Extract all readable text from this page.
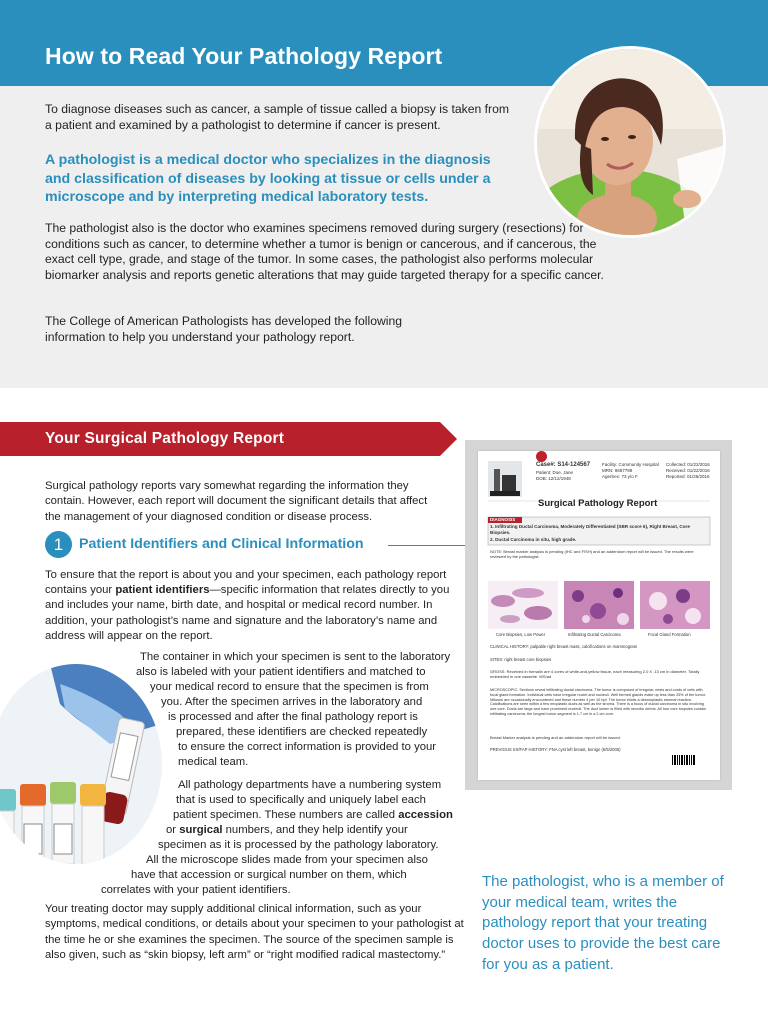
How to Read Your Pathology Report

To diagnose diseases such as cancer, a sample of tissue called a biopsy is taken from a patient and examined by a pathologist to determine if cancer is present.

A pathologist is a medical doctor who specializes in the diagnosis and classification of diseases by looking at tissue or cells under a microscope and by interpreting medical laboratory tests.

The pathologist also is the doctor who examines specimens removed during surgery (resections) for conditions such as cancer, to determine whether a tumor is benign or cancerous, and if cancerous, the exact cell type, grade, and stage of the tumor. In some cases, the pathologist also performs molecular biomarker analysis and reports genetic alterations that may guide targeted therapy for a specific cancer.

The College of American Pathologists has developed the following information to help you understand your pathology report.

Your Surgical Pathology Report

Surgical pathology reports vary somewhat regarding the information they contain. However, each report will document the significant details that affect the management of your diagnosed condition or disease process.

1	Patient Identifiers and Clinical Information

To ensure that the report is about you and your specimen, each pathology report contains your patient identifiers—specific information that relates directly to you and includes your name, birth date, and hospital or medical record number. In addition, your pathologist’s name and signature and the laboratory’s name and address will appear on the report.

The container in which your specimen is sent to the laboratory
also is labeled with your patient identifiers and matched to
your medical record to ensure that the specimen is from
you. After the specimen arrives in the laboratory and
is processed and after the final pathology report is
prepared, these identifiers are checked repeatedly
to ensure the correct information is provided to your
medical team.
All pathology departments have a numbering system
that is used to specifically and uniquely label each
patient specimen. These numbers are called accession
or surgical numbers, and they help identify your
specimen as it is processed by the pathology laboratory.
All the microscope slides made from your specimen also
have that accession or surgical number on them, which
correlates with your patient identifiers.

Your treating doctor may supply additional clinical information, such as your symptoms, medical conditions, or details about your specimen to your pathologist at the time he or she examines the specimen. The source of the specimen sample is also given, such as “skin biopsy, left arm” or “right modified radical mastectomy.”

Case#: S14-124567
Patient: Doe, Jane
DOB: 12/12/1948
Facility: Community Hospital
MRN: 8687798
Age/Sex: 73 y/o F
Collected: 01/22/2016
Received: 01/22/2016
Reported: 01/26/2016
Surgical Pathology Report
DIAGNOSIS
1. Infiltrating Ductal Carcinoma, Moderately Differentiated (SBR score 6), Right Breast, Core Biopsies.
2. Ductal Carcinoma in situ, high grade.
NOTE: Breast marker analysis is pending (IHC and FISH) and an addendum report will be issued. The results were reviewed by the pathologist.
Core Biopsies, Low Power	Infiltrating Ductal Carcinoma	Focal Gland Formation
CLINICAL HISTORY: palpable right breast mass, calcifications on mammogram
SITES: right breast core biopsies
GROSS: Received in formalin are 4 cores of white-and-yellow tissue, each measuring 2.0 X .13 cm in diameter. Totally embedded in one cassette. WS/ad
MICROSCOPIC: Sections reveal infiltrating ductal carcinoma. The tumor is composed of irregular, nests and cords of cells with focal gland formation. Individual cells have irregular nuclei and nucleoli. Well formed glands make up less than 25% of the tumor. Mitoses are occasionally encountered and these number 4 per 10 hpf. The tumor elicits a desmoplastic stromal reaction. Calcifications are seen within a few neoplastic ducts as well as the stroma. There is a focus of ductal carcinoma in situ involving one core. Ducts are large and have prominent nucleoli. The duct lumen is filled with necrotic debris. All four core biopsies contain infiltrating carcinoma; the longest tumor segment is 1.7 cm in a 2 cm core.
Breast Marker analysis is pending and an addendum report will be issued.
PREVIOUS SX/FAP HISTORY: FNA cyst left breast, benign (5/5/2005)

The pathologist, who is a member of your medical team, writes the pathology report that your treating doctor uses to provide the best care for you as a patient.
